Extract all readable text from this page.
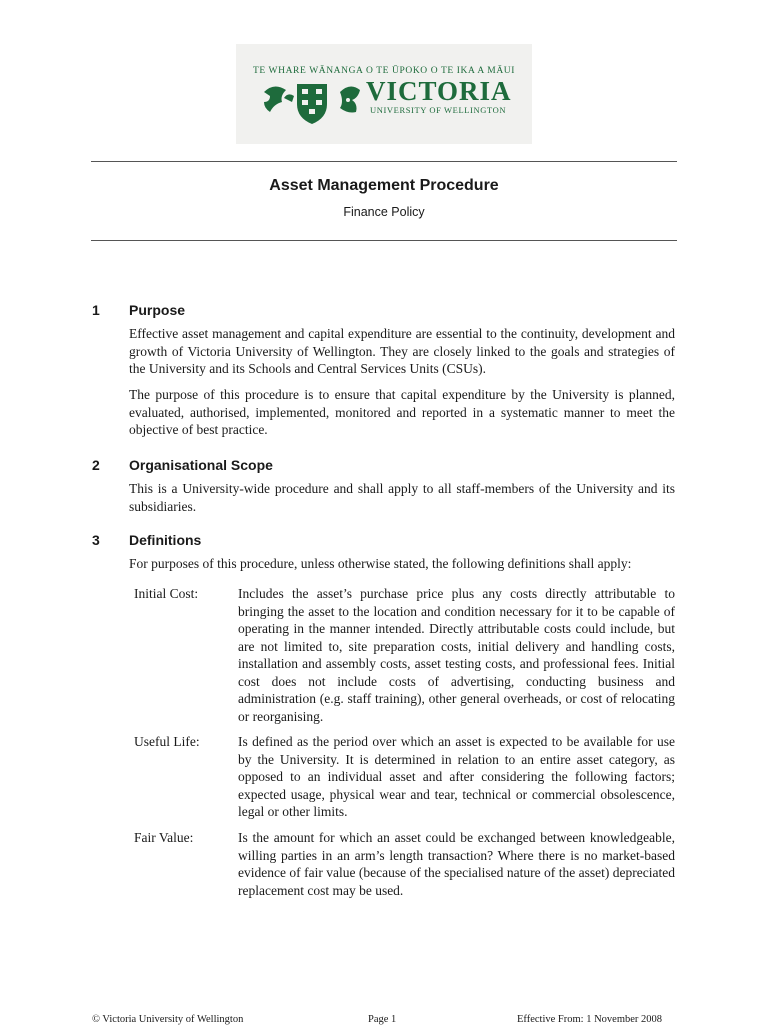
TE WHARE WĀNANGA O TE ŪPOKO O TE IKA A MĀUI
VICTORIA
UNIVERSITY OF WELLINGTON
Asset Management Procedure
Finance Policy
1 Purpose

Effective asset management and capital expenditure are essential to the continuity, development and growth of Victoria University of Wellington. They are closely linked to the goals and strategies of the University and its Schools and Central Services Units (CSUs).

The purpose of this procedure is to ensure that capital expenditure by the University is planned, evaluated, authorised, implemented, monitored and reported in a systematic manner to meet the objective of best practice.

2 Organisational Scope

This is a University-wide procedure and shall apply to all staff-members of the University and its subsidiaries.

3 Definitions

For purposes of this procedure, unless otherwise stated, the following definitions shall apply:

Initial Cost:	Includes the asset’s purchase price plus any costs directly attributable to bringing the asset to the location and condition necessary for it to be capable of operating in the manner intended. Directly attributable costs could include, but are not limited to, site preparation costs, initial delivery and handling costs, installation and assembly costs, asset testing costs, and professional fees. Initial cost does not include costs of advertising, conducting business and administration (e.g. staff training), other general overheads, or cost of relocating or reorganising.

Useful Life:	Is defined as the period over which an asset is expected to be available for use by the University. It is determined in relation to an entire asset category, as opposed to an individual asset and after considering the following factors; expected usage, physical wear and tear, technical or commercial obsolescence, legal or other limits.

Fair Value:	Is the amount for which an asset could be exchanged between knowledgeable, willing parties in an arm’s length transaction? Where there is no market-based evidence of fair value (because of the specialised nature of the asset) depreciated replacement cost may be used.

© Victoria University of Wellington	Page 1	Effective From: 1 November 2008
